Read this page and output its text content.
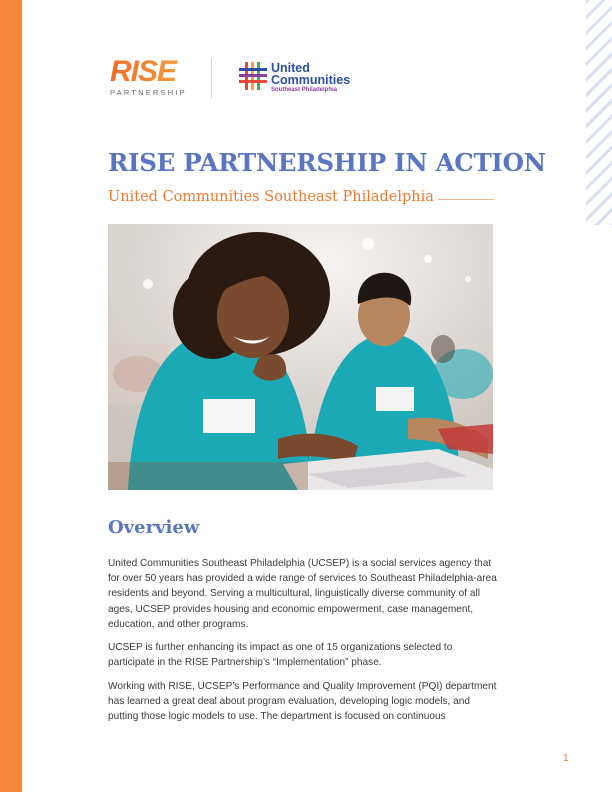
RISE
PARTNERSHIP
United
Communities
Southeast Philadelphia
RISE PARTNERSHIP IN ACTION
United Communities Southeast Philadelphia
Overview

United Communities Southeast Philadelphia (UCSEP) is a social services agency that for over 50 years has provided a wide range of services to Southeast Philadelphia-area residents and beyond. Serving a multicultural, linguistically diverse community of all ages, UCSEP provides housing and economic empowerment, case management, education, and other programs.

UCSEP is further enhancing its impact as one of 15 organizations selected to participate in the RISE Partnership’s “Implementation” phase.

Working with RISE, UCSEP’s Performance and Quality Improvement (PQI) department has learned a great deal about program evaluation, developing logic models, and putting those logic models to use. The department is focused on continuous

1
